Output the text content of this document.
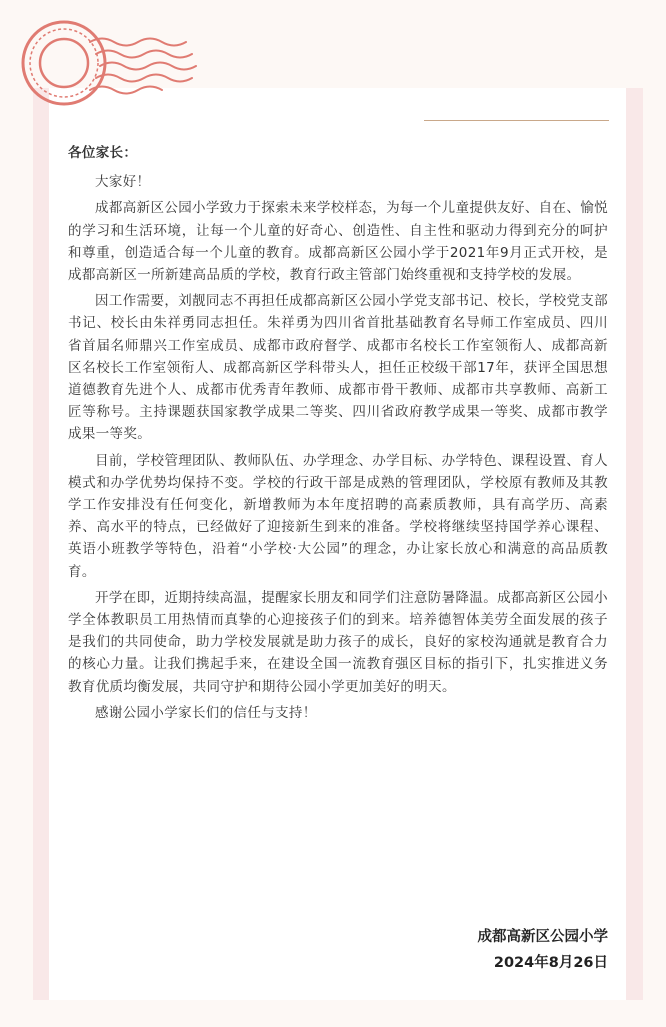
各位家长：

大家好！

成都高新区公园小学致力于探索未来学校样态，为每一个儿童提供友好、自在、愉悦的学习和生活环境，让每一个儿童的好奇心、创造性、自主性和驱动力得到充分的呵护和尊重，创造适合每一个儿童的教育。成都高新区公园小学于2021年9月正式开校，是成都高新区一所新建高品质的学校，教育行政主管部门始终重视和支持学校的发展。

因工作需要，刘靓同志不再担任成都高新区公园小学党支部书记、校长，学校党支部书记、校长由朱祥勇同志担任。朱祥勇为四川省首批基础教育名导师工作室成员、四川省首届名师鼎兴工作室成员、成都市政府督学、成都市名校长工作室领衔人、成都高新区名校长工作室领衔人、成都高新区学科带头人，担任正校级干部17年，获评全国思想道德教育先进个人、成都市优秀青年教师、成都市骨干教师、成都市共享教师、高新工匠等称号。主持课题获国家教学成果二等奖、四川省政府教学成果一等奖、成都市教学成果一等奖。

目前，学校管理团队、教师队伍、办学理念、办学目标、办学特色、课程设置、育人模式和办学优势均保持不变。学校的行政干部是成熟的管理团队，学校原有教师及其教学工作安排没有任何变化，新增教师为本年度招聘的高素质教师，具有高学历、高素养、高水平的特点，已经做好了迎接新生到来的准备。学校将继续坚持国学养心课程、英语小班教学等特色，沿着“小学校·大公园”的理念，办让家长放心和满意的高品质教育。

开学在即，近期持续高温，提醒家长朋友和同学们注意防暑降温。成都高新区公园小学全体教职员工用热情而真挚的心迎接孩子们的到来。培养德智体美劳全面发展的孩子是我们的共同使命，助力学校发展就是助力孩子的成长，良好的家校沟通就是教育合力的核心力量。让我们携起手来，在建设全国一流教育强区目标的指引下，扎实推进义务教育优质均衡发展，共同守护和期待公园小学更加美好的明天。

感谢公园小学家长们的信任与支持！

成都高新区公园小学
2024年8月26日
